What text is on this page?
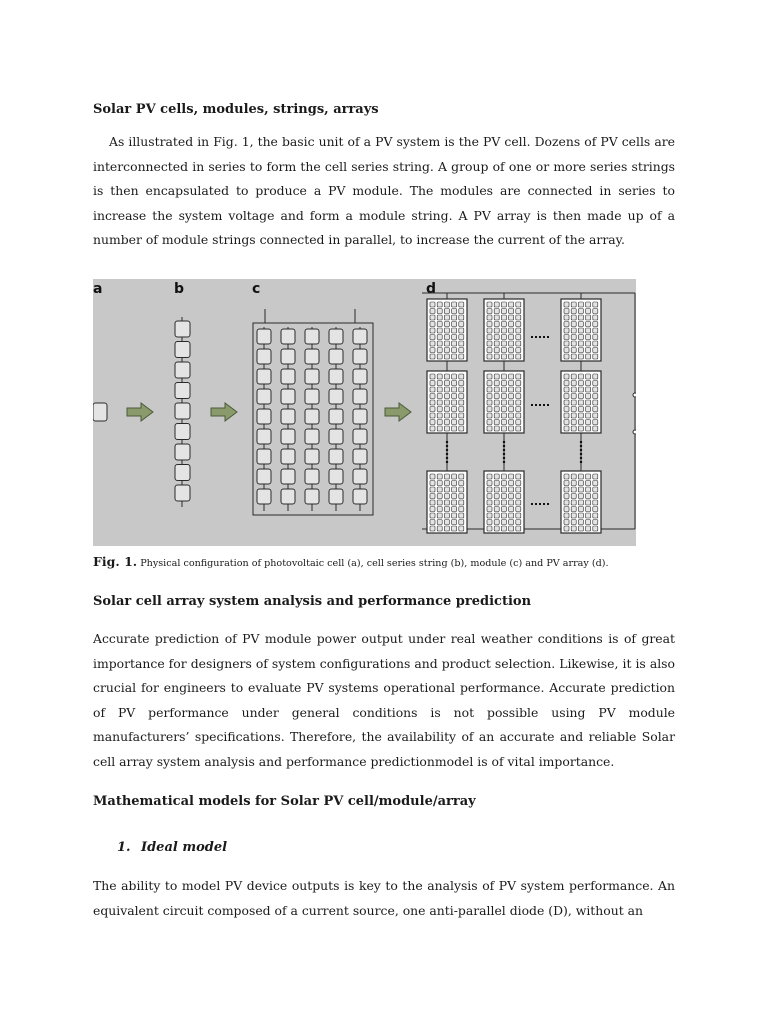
Solar PV cells, modules, strings, arrays

As illustrated in Fig. 1, the basic unit of a PV system is the PV cell. Dozens of PV cells are interconnected in series to form the cell series string. A group of one or more series strings is then encapsulated to produce a PV module. The modules are connected in series to increase the system voltage and form a module string. A PV array is then made up of a number of module strings connected in parallel, to increase the current of the array.

a	b	c	d
Fig. 1. Physical configuration of photovoltaic cell (a), cell series string (b), module (c) and PV array (d).
Solar cell array system analysis and performance prediction

Accurate prediction of PV module power output under real weather conditions is of great importance for designers of system configurations and product selection. Likewise, it is also crucial for engineers to evaluate PV systems operational performance. Accurate prediction of PV performance under general conditions is not possible using PV module manufacturers’ specifications. Therefore, the availability of an accurate and reliable Solar cell array system analysis and performance predictionmodel is of vital importance.

Mathematical models for Solar PV cell/module/array
1. Ideal model

The ability to model PV device outputs is key to the analysis of PV system performance. An equivalent circuit composed of a current source, one anti-parallel diode (D), without an
